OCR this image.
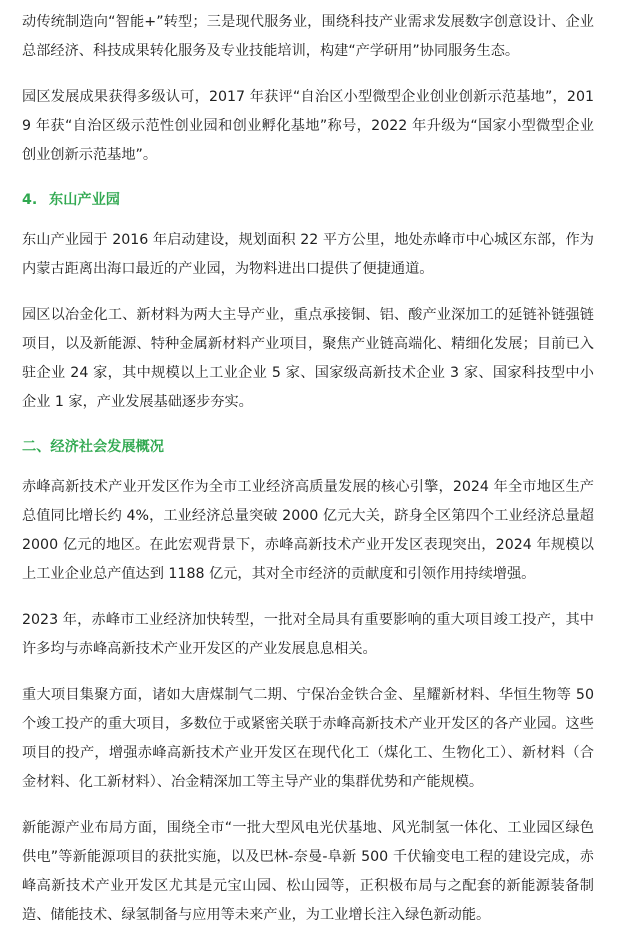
动传统制造向“智能+”转型；三是现代服务业，围绕科技产业需求发展数字创意设计、企业总部经济、科技成果转化服务及专业技能培训，构建“产学研用”协同服务生态。

园区发展成果获得多级认可，2017 年获评“自治区小型微型企业创业创新示范基地”，2019 年获“自治区级示范性创业园和创业孵化基地”称号，2022 年升级为“国家小型微型企业创业创新示范基地”。

4. 东山产业园

东山产业园于 2016 年启动建设，规划面积 22 平方公里，地处赤峰市中心城区东部，作为内蒙古距离出海口最近的产业园，为物料进出口提供了便捷通道。

园区以冶金化工、新材料为两大主导产业，重点承接铜、铝、酸产业深加工的延链补链强链项目，以及新能源、特种金属新材料产业项目，聚焦产业链高端化、精细化发展；目前已入驻企业 24 家，其中规模以上工业企业 5 家、国家级高新技术企业 3 家、国家科技型中小企业 1 家，产业发展基础逐步夯实。

二、经济社会发展概况

赤峰高新技术产业开发区作为全市工业经济高质量发展的核心引擎，2024 年全市地区生产总值同比增长约 4%，工业经济总量突破 2000 亿元大关，跻身全区第四个工业经济总量超 2000 亿元的地区。在此宏观背景下，赤峰高新技术产业开发区表现突出，2024 年规模以上工业企业总产值达到 1188 亿元，其对全市经济的贡献度和引领作用持续增强。

2023 年，赤峰市工业经济加快转型，一批对全局具有重要影响的重大项目竣工投产，其中许多均与赤峰高新技术产业开发区的产业发展息息相关。

重大项目集聚方面，诸如大唐煤制气二期、宁保冶金铁合金、星耀新材料、华恒生物等 50 个竣工投产的重大项目，多数位于或紧密关联于赤峰高新技术产业开发区的各产业园。这些项目的投产，增强赤峰高新技术产业开发区在现代化工（煤化工、生物化工）、新材料（合金材料、化工新材料）、冶金精深加工等主导产业的集群优势和产能规模。

新能源产业布局方面，围绕全市“一批大型风电光伏基地、风光制氢一体化、工业园区绿色供电”等新能源项目的获批实施，以及巴林-奈曼-阜新 500 千伏输变电工程的建设完成，赤峰高新技术产业开发区尤其是元宝山园、松山园等，正积极布局与之配套的新能源装备制造、储能技术、绿氢制备与应用等未来产业，为工业增长注入绿色新动能。
